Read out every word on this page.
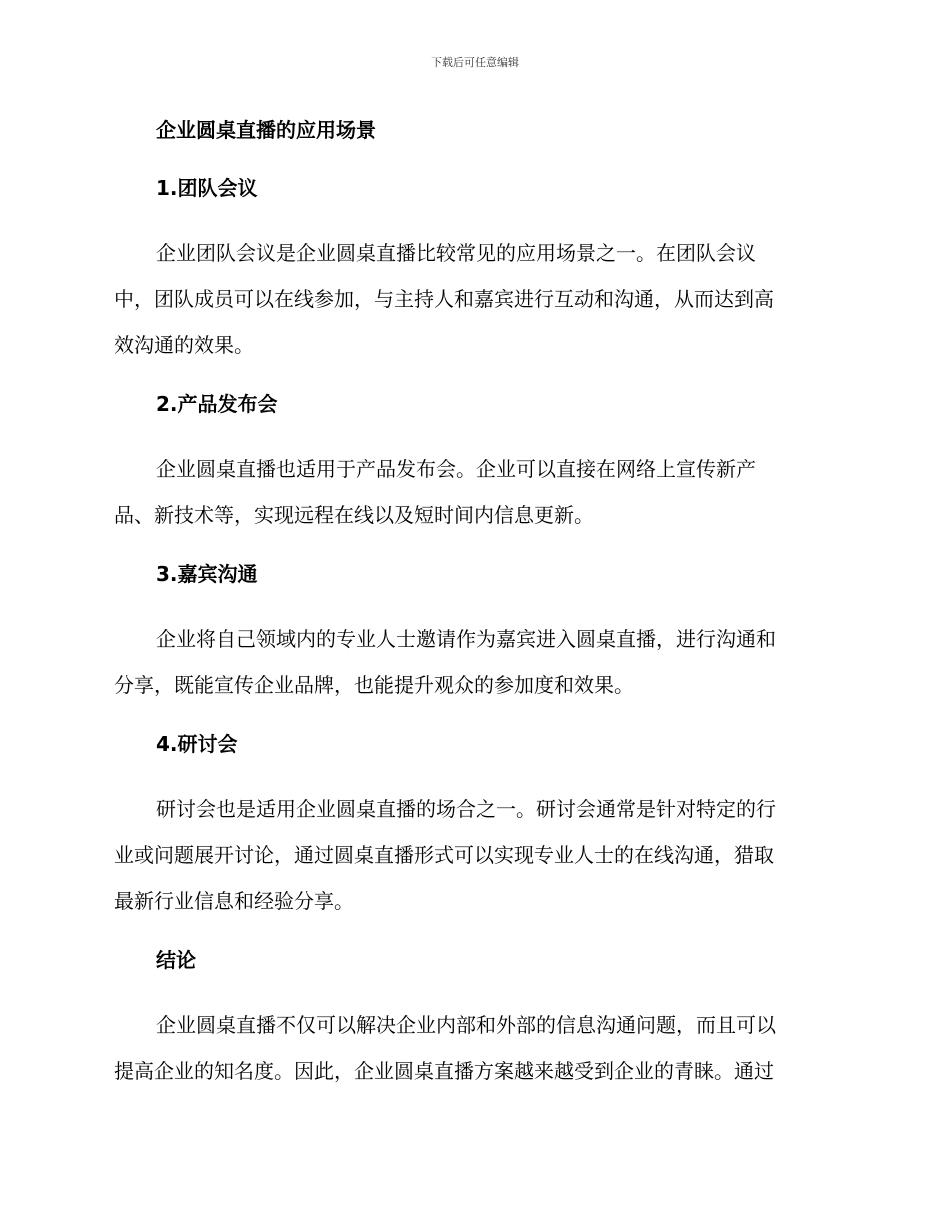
下载后可任意编辑
企业圆桌直播的应用场景
1.团队会议
企业团队会议是企业圆桌直播比较常见的应用场景之一。在团队会议
中，团队成员可以在线参加，与主持人和嘉宾进行互动和沟通，从而达到高
效沟通的效果。
2.产品发布会
企业圆桌直播也适用于产品发布会。企业可以直接在网络上宣传新产
品、新技术等，实现远程在线以及短时间内信息更新。
3.嘉宾沟通
企业将自己领域内的专业人士邀请作为嘉宾进入圆桌直播，进行沟通和
分享，既能宣传企业品牌，也能提升观众的参加度和效果。
4.研讨会
研讨会也是适用企业圆桌直播的场合之一。研讨会通常是针对特定的行
业或问题展开讨论，通过圆桌直播形式可以实现专业人士的在线沟通，猎取
最新行业信息和经验分享。
结论
企业圆桌直播不仅可以解决企业内部和外部的信息沟通问题，而且可以
提高企业的知名度。因此，企业圆桌直播方案越来越受到企业的青睐。通过
